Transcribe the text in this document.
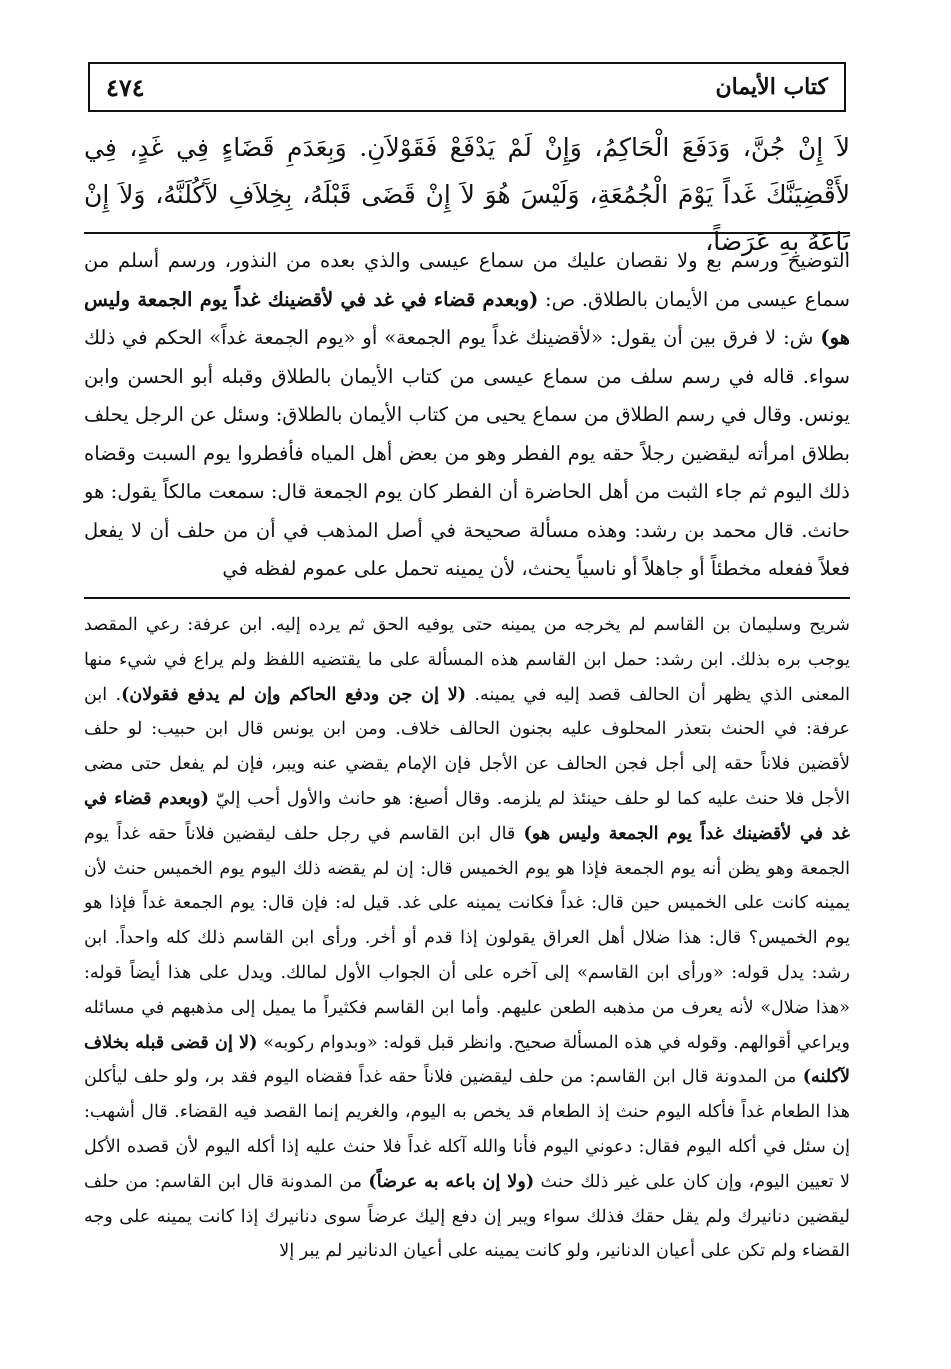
كتاب الأيمان
٤٧٤

لاَ إِنْ جُنَّ، وَدَفَعَ الْحَاكِمُ، وَإِنْ لَمْ يَدْفَعْ فَقَوْلاَنِ. وَبِعَدَمِ قَضَاءٍ فِي غَدٍ، فِي لأَقْضِيَنَّكَ غَداً يَوْمَ الْجُمُعَةِ، وَلَيْسَ هُوَ لاَ إِنْ قَضَى قَبْلَهُ، بِخِلاَفِ لآَكُلَنَّهُ، وَلاَ إِنْ بَاعَهُ بِهِ عَرَضاً،

التوضيح ورسم بع ولا نقصان عليك من سماع عيسى والذي بعده من النذور، ورسم أسلم من سماع عيسى من الأيمان بالطلاق. ص: (وبعدم قضاء في غد في لأقضينك غداً يوم الجمعة وليس هو) ش: لا فرق بين أن يقول: «لأقضينك غداً يوم الجمعة» أو «يوم الجمعة غداً» الحكم في ذلك سواء. قاله في رسم سلف من سماع عيسى من كتاب الأيمان بالطلاق وقبله أبو الحسن وابن يونس. وقال في رسم الطلاق من سماع يحيى من كتاب الأيمان بالطلاق: وسئل عن الرجل يحلف بطلاق امرأته ليقضين رجلاً حقه يوم الفطر وهو من بعض أهل المياه فأفطروا يوم السبت وقضاه ذلك اليوم ثم جاء الثبت من أهل الحاضرة أن الفطر كان يوم الجمعة قال: سمعت مالكاً يقول: هو حانث. قال محمد بن رشد: وهذه مسألة صحيحة في أصل المذهب في أن من حلف أن لا يفعل فعلاً ففعله مخطئاً أو جاهلاً أو ناسياً يحنث، لأن يمينه تحمل على عموم لفظه في

شريح وسليمان بن القاسم لم يخرجه من يمينه حتى يوفيه الحق ثم يرده إليه. ابن عرفة: رعي المقصد يوجب بره بذلك. ابن رشد: حمل ابن القاسم هذه المسألة على ما يقتضيه اللفظ ولم يراع في شيء منها المعنى الذي يظهر أن الحالف قصد إليه في يمينه. (لا إن جن ودفع الحاكم وإن لم يدفع فقولان). ابن عرفة: في الحنث بتعذر المحلوف عليه بجنون الحالف خلاف. ومن ابن يونس قال ابن حبيب: لو حلف لأقضين فلاناً حقه إلى أجل فجن الحالف عن الأجل فإن الإمام يقضي عنه ويبر، فإن لم يفعل حتى مضى الأجل فلا حنث عليه كما لو حلف حينئذ لم يلزمه. وقال أصبغ: هو حانث والأول أحب إليّ (وبعدم قضاء في غد في لأقضينك غداً يوم الجمعة وليس هو) قال ابن القاسم في رجل حلف ليقضين فلاناً حقه غداً يوم الجمعة وهو يظن أنه يوم الجمعة فإذا هو يوم الخميس قال: إن لم يقضه ذلك اليوم يوم الخميس حنث لأن يمينه كانت على الخميس حين قال: غداً فكانت يمينه على غد. قيل له: فإن قال: يوم الجمعة غداً فإذا هو يوم الخميس؟ قال: هذا ضلال أهل العراق يقولون إذا قدم أو أخر. ورأى ابن القاسم ذلك كله واحداً. ابن رشد: يدل قوله: «ورأى ابن القاسم» إلى آخره على أن الجواب الأول لمالك. ويدل على هذا أيضاً قوله: «هذا ضلال» لأنه يعرف من مذهبه الطعن عليهم. وأما ابن القاسم فكثيراً ما يميل إلى مذهبهم في مسائله ويراعي أقوالهم. وقوله في هذه المسألة صحيح. وانظر قبل قوله: «وبدوام ركوبه» (لا إن قضى قبله بخلاف لآكلنه) من المدونة قال ابن القاسم: من حلف ليقضين فلاناً حقه غداً فقضاه اليوم فقد بر، ولو حلف ليأكلن هذا الطعام غداً فأكله اليوم حنث إذ الطعام قد يخص به اليوم، والغريم إنما القصد فيه القضاء. قال أشهب: إن سئل في أكله اليوم فقال: دعوني اليوم فأنا والله آكله غداً فلا حنث عليه إذا أكله اليوم لأن قصده الأكل لا تعيين اليوم، وإن كان على غير ذلك حنث (ولا إن باعه به عرضاً) من المدونة قال ابن القاسم: من حلف ليقضين دنانيرك ولم يقل حقك فذلك سواء ويبر إن دفع إليك عرضاً سوى دنانيرك إذا كانت يمينه على وجه القضاء ولم تكن على أعيان الدنانير، ولو كانت يمينه على أعيان الدنانير لم يبر إلا
